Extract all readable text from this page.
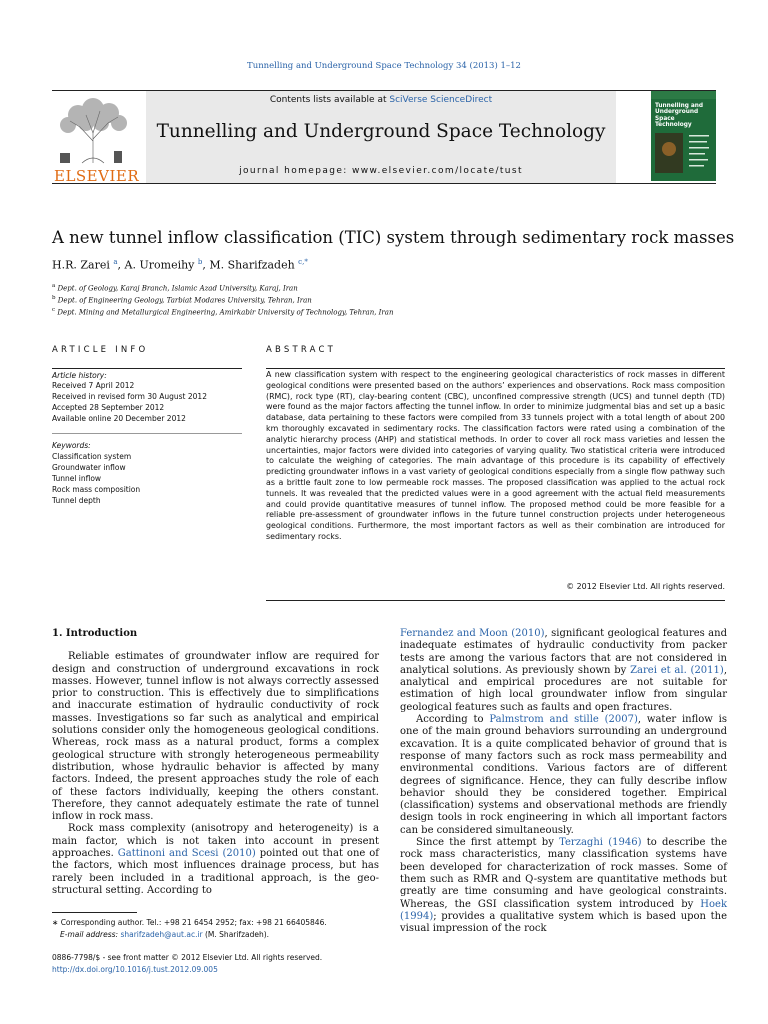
Tunnelling and Underground Space Technology 34 (2013) 1–12
ELSEVIER
Contents lists available at SciVerse ScienceDirect
Tunnelling and Underground Space Technology
journal homepage: www.elsevier.com/locate/tust
Tunnelling and Underground Space Technology
A new tunnel inflow classification (TIC) system through sedimentary rock masses
H.R. Zarei $^a$, A. Uromeihy $^b$, M. Sharifzadeh $^{c,*}$
$^a$ Dept. of Geology, Karaj Branch, Islamic Azad University, Karaj, Iran
$^b$ Dept. of Engineering Geology, Tarbiat Modares University, Tehran, Iran
$^c$ Dept. Mining and Metallurgical Engineering, Amirkabir University of Technology, Tehran, Iran
ARTICLE INFO	ABSTRACT
Article history:
Received 7 April 2012
Received in revised form 30 August 2012
Accepted 28 September 2012
Available online 20 December 2012
Keywords:
Classification system
Groundwater inflow
Tunnel inflow
Rock mass composition
Tunnel depth
A new classification system with respect to the engineering geological characteristics of rock masses in different geological conditions were presented based on the authors’ experiences and observations. Rock mass composition (RMC), rock type (RT), clay-bearing content (CBC), unconfined compressive strength (UCS) and tunnel depth (TD) were found as the major factors affecting the tunnel inflow. In order to minimize judgmental bias and set up a basic database, data pertaining to these factors were compiled from 33 tunnels project with a total length of about 200 km thoroughly excavated in sedimentary rocks. The classification factors were rated using a combination of the analytic hierarchy process (AHP) and statistical methods. In order to cover all rock mass varieties and lessen the uncertainties, major factors were divided into categories of varying quality. Two statistical criteria were introduced to calculate the weighing of categories. The main advantage of this procedure is its capability of effectively predicting groundwater inflows in a vast variety of geological conditions especially from a single flow pathway such as a brittle fault zone to low permeable rock masses. The proposed classification was applied to the actual rock tunnels. It was revealed that the predicted values were in a good agreement with the actual field measurements and could provide quantitative measures of tunnel inflow. The proposed method could be more feasible for a reliable pre-assessment of groundwater inflows in the future tunnel construction projects under heterogeneous geological conditions. Furthermore, the most important factors as well as their combination are introduced for sedimentary rocks.
© 2012 Elsevier Ltd. All rights reserved.
1. Introduction

Reliable estimates of groundwater inflow are required for design and construction of underground excavations in rock masses. However, tunnel inflow is not always correctly assessed prior to construction. This is effectively due to simplifications and inaccurate estimation of hydraulic conductivity of rock masses. Investigations so far such as analytical and empirical solutions consider only the homogeneous geological conditions. Whereas, rock mass as a natural product, forms a complex geological structure with strongly heterogeneous permeability distribution, whose hydraulic behavior is affected by many factors. Indeed, the present approaches study the role of each of these factors individually, keeping the others constant. Therefore, they cannot adequately estimate the rate of tunnel inflow in rock mass.

Rock mass complexity (anisotropy and heterogeneity) is a main factor, which is not taken into account in present approaches. Gattinoni and Scesi (2010) pointed out that one of the factors, which most influences drainage process, but has rarely been included in a traditional approach, is the geo-structural setting. According to

Fernandez and Moon (2010), significant geological features and inadequate estimates of hydraulic conductivity from packer tests are among the various factors that are not considered in analytical solutions. As previously shown by Zarei et al. (2011), analytical and empirical procedures are not suitable for estimation of high local groundwater inflow from singular geological features such as faults and open fractures.

According to Palmstrom and stille (2007), water inflow is one of the main ground behaviors surrounding an underground excavation. It is a quite complicated behavior of ground that is response of many factors such as rock mass permeability and environmental conditions. Various factors are of different degrees of significance. Hence, they can fully describe inflow behavior should they be considered together. Empirical (classification) systems and observational methods are friendly design tools in rock engineering in which all important factors can be considered simultaneously.

Since the first attempt by Terzaghi (1946) to describe the rock mass characteristics, many classification systems have been developed for characterization of rock masses. Some of them such as RMR and Q-system are quantitative methods but greatly are time consuming and have geological constraints. Whereas, the GSI classification system introduced by Hoek (1994); provides a qualitative system which is based upon the visual impression of the rock

∗ Corresponding author. Tel.: +98 21 6454 2952; fax: +98 21 66405846.
E-mail address: sharifzadeh@aut.ac.ir (M. Sharifzadeh).
0886-7798/$ - see front matter © 2012 Elsevier Ltd. All rights reserved.
http://dx.doi.org/10.1016/j.tust.2012.09.005
